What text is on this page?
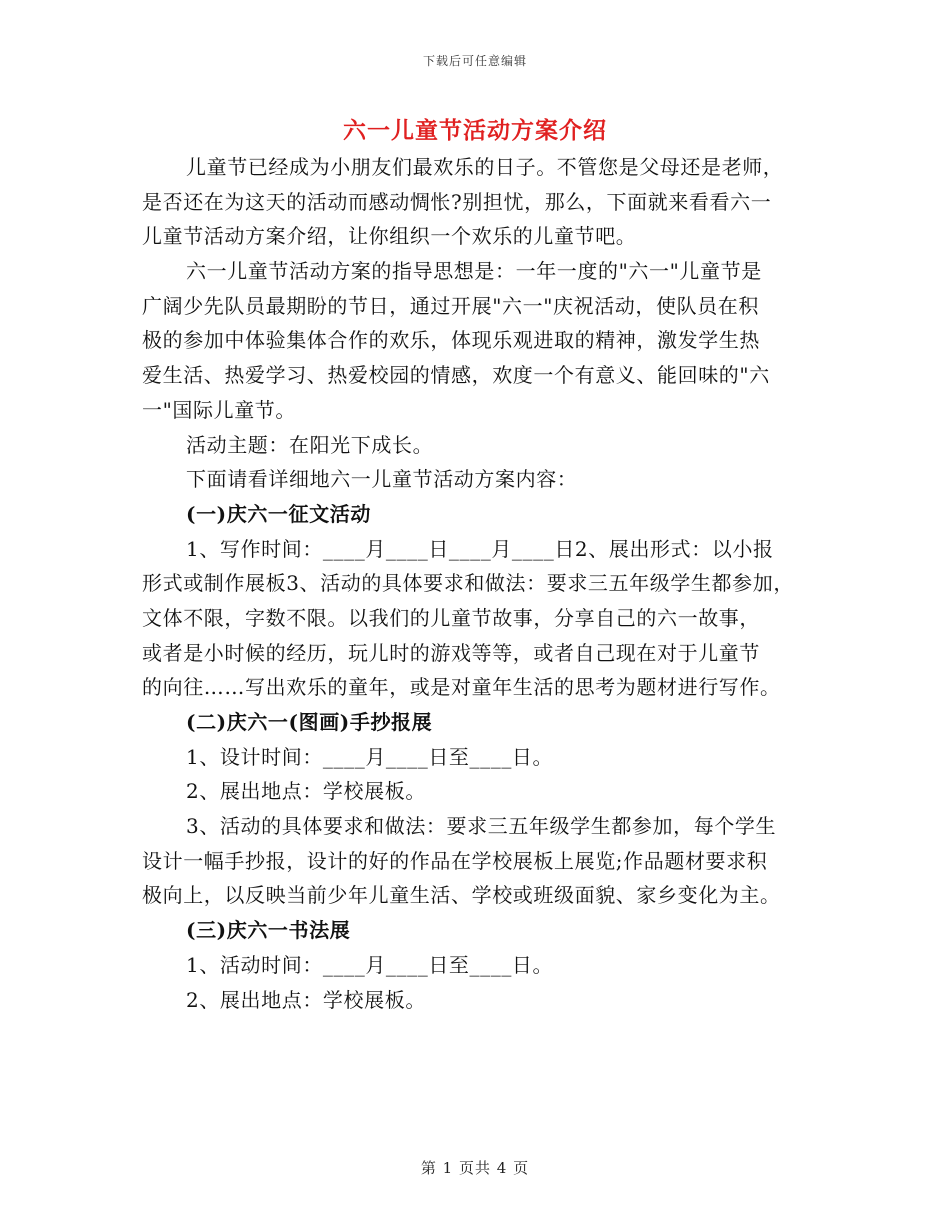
下载后可任意编辑
六一儿童节活动方案介绍
儿童节已经成为小朋友们最欢乐的日子。不管您是父母还是老师，
是否还在为这天的活动而感动惆怅?别担忧，那么，下面就来看看六一
儿童节活动方案介绍，让你组织一个欢乐的儿童节吧。
六一儿童节活动方案的指导思想是：一年一度的"六一"儿童节是
广阔少先队员最期盼的节日，通过开展"六一"庆祝活动，使队员在积
极的参加中体验集体合作的欢乐，体现乐观进取的精神，激发学生热
爱生活、热爱学习、热爱校园的情感，欢度一个有意义、能回味的"六
一"国际儿童节。
活动主题：在阳光下成长。
下面请看详细地六一儿童节活动方案内容：
(一)庆六一征文活动
1、写作时间：____月____日____月____日2、展出形式：以小报
形式或制作展板3、活动的具体要求和做法：要求三五年级学生都参加，
文体不限，字数不限。以我们的儿童节故事，分享自己的六一故事，
或者是小时候的经历，玩儿时的游戏等等，或者自己现在对于儿童节
的向往……写出欢乐的童年，或是对童年生活的思考为题材进行写作。
(二)庆六一(图画)手抄报展
1、设计时间：____月____日至____日。
2、展出地点：学校展板。
3、活动的具体要求和做法：要求三五年级学生都参加，每个学生
设计一幅手抄报，设计的好的作品在学校展板上展览;作品题材要求积
极向上，以反映当前少年儿童生活、学校或班级面貌、家乡变化为主。
(三)庆六一书法展
1、活动时间：____月____日至____日。
2、展出地点：学校展板。
第 1 页共 4 页
